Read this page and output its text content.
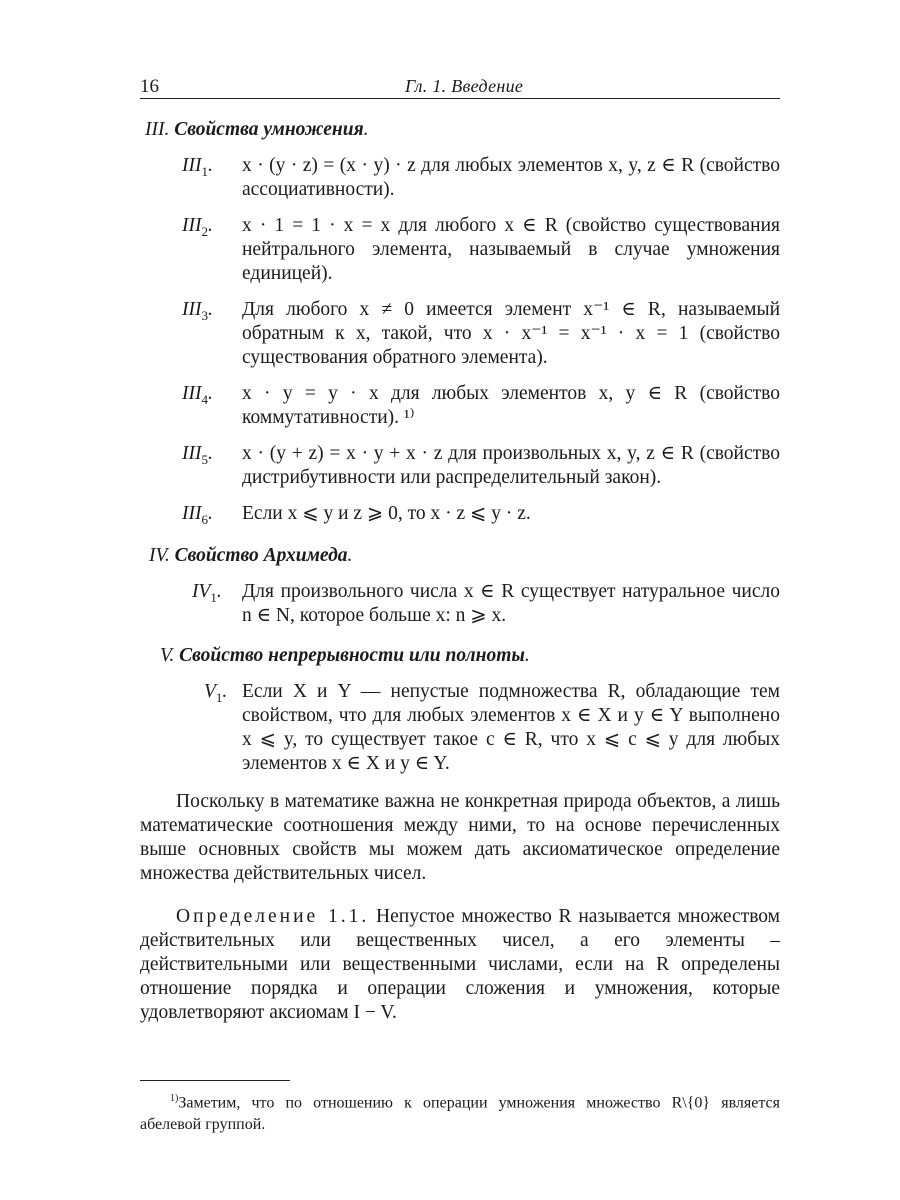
16	Гл. 1. Введение
III. Свойства умножения.
$III_1$.	x · (y · z) = (x · y) · z для любых элементов x, y, z ∈ R (свойство ассоциативности).
$III_2$.	x · 1 = 1 · x = x для любого x ∈ R (свойство существования нейтрального элемента, называемый в случае умножения единицей).
$III_3$.	Для любого x ≠ 0 имеется элемент x⁻¹ ∈ R, называемый обратным к x, такой, что x · x⁻¹ = x⁻¹ · x = 1 (свойство существования обратного элемента).
$III_4$.	x · y = y · x для любых элементов x, y ∈ R (свойство коммутативности). ¹⁾
$III_5$.	x · (y + z) = x · y + x · z для произвольных x, y, z ∈ R (свойство дистрибутивности или распределительный закон).
$III_6$.	Если x ⩽ y и z ⩾ 0, то x · z ⩽ y · z.
IV. Свойство Архимеда.
$IV_1$.	Для произвольного числа x ∈ R существует натуральное число n ∈ N, которое больше x: n ⩾ x.
V. Свойство непрерывности или полноты.
$V_1$. Если X и Y — непустые подмножества R, обладающие тем свойством, что для любых элементов x ∈ X и y ∈ Y выполнено x ⩽ y, то существует такое c ∈ R, что x ⩽ c ⩽ y для любых элементов x ∈ X и y ∈ Y.

Поскольку в математике важна не конкретная природа объектов, а лишь математические соотношения между ними, то на основе перечисленных выше основных свойств мы можем дать аксиоматическое определение множества действительных чисел.

Определение 1.1. Непустое множество R называется множеством действительных или вещественных чисел, а его элементы – действительными или вещественными числами, если на R определены отношение порядка и операции сложения и умножения, которые удовлетворяют аксиомам I − V.

$^{1)}$Заметим, что по отношению к операции умножения множество R\{0} является абелевой группой.
